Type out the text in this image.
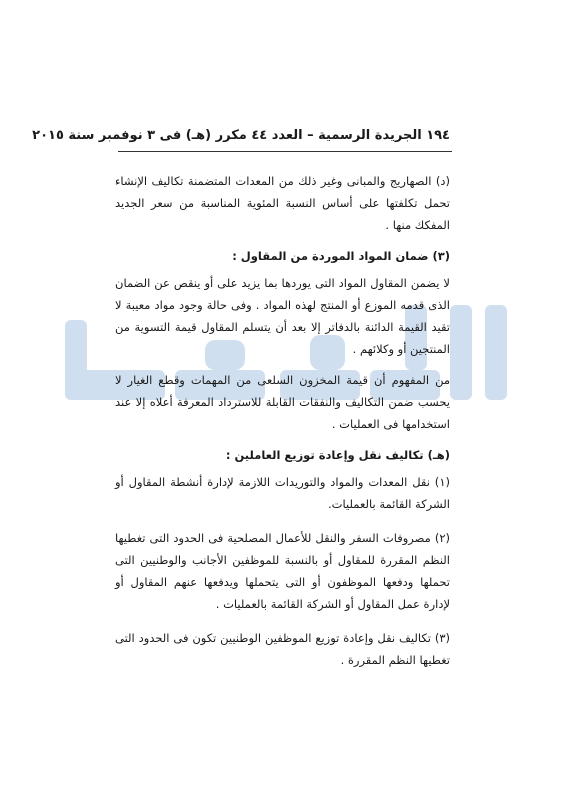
١٩٤ الجريدة الرسمية – العدد ٤٤ مكرر (هـ) فى ٣ نوفمبر سنة ٢٠١٥

(د) الصهاريج والمبانى وغير ذلك من المعدات المتضمنة تكاليف الإنشاء تحمل تكلفتها على أساس النسبة المئوية المناسبة من سعر الجديد المفكك منها .

(٣) ضمان المواد الموردة من المقاول :

لا يضمن المقاول المواد التى يوردها بما يزيد على أو ينقص عن الضمان الذى قدمه الموزع أو المنتج لهذه المواد . وفى حالة وجود مواد معيبة لا تقيد القيمة الدائنة بالدفاتر إلا بعد أن يتسلم المقاول قيمة التسوية من المنتجين أو وكلائهم .

من المفهوم أن قيمة المخزون السلعى من المهمات وقطع الغيار لا يحسب ضمن التكاليف والنفقات القابلة للاسترداد المعرفة أعلاه إلا عند استخدامها فى العمليات .

(هـ) تكاليف نقل وإعادة توزيع العاملين :

(١) نقل المعدات والمواد والتوريدات اللازمة لإدارة أنشطة المقاول أو الشركة القائمة بالعمليات.

(٢) مصروفات السفر والنقل للأعمال المصلحية فى الحدود التى تغطيها النظم المقررة للمقاول أو بالنسبة للموظفين الأجانب والوطنيين التى تحملها ودفعها الموظفون أو التى يتحملها ويدفعها عنهم المقاول أو لإدارة عمل المقاول أو الشركة القائمة بالعمليات .

(٣) تكاليف نقل وإعادة توزيع الموظفين الوطنيين تكون فى الحدود التى تغطيها النظم المقررة .
